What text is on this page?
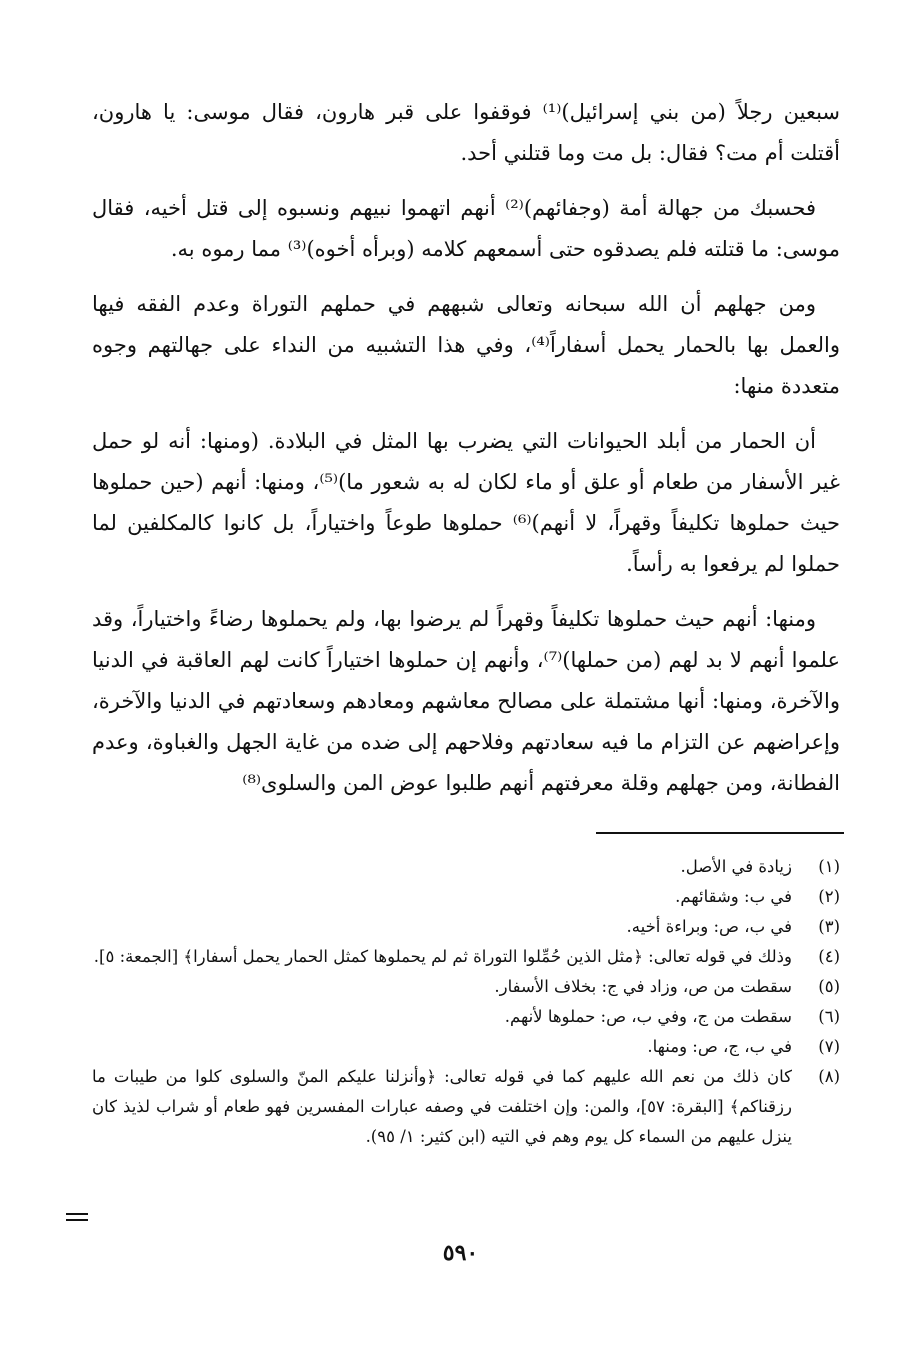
سبعين رجلاً (من بني إسرائيل)⁽¹⁾ فوقفوا على قبر هارون، فقال موسى: يا هارون، أقتلت أم مت؟ فقال: بل مت وما قتلني أحد.

فحسبك من جهالة أمة (وجفائهم)⁽²⁾ أنهم اتهموا نبيهم ونسبوه إلى قتل أخيه، فقال موسى: ما قتلته فلم يصدقوه حتى أسمعهم كلامه (وبرأه أخوه)⁽³⁾ مما رموه به.

ومن جهلهم أن الله سبحانه وتعالى شبههم في حملهم التوراة وعدم الفقه فيها والعمل بها بالحمار يحمل أسفاراً⁽⁴⁾، وفي هذا التشبيه من النداء على جهالتهم وجوه متعددة منها:

أن الحمار من أبلد الحيوانات التي يضرب بها المثل في البلادة. (ومنها: أنه لو حمل غير الأسفار من طعام أو علق أو ماء لكان له به شعور ما)⁽⁵⁾، ومنها: أنهم (حين حملوها حيث حملوها تكليفاً وقهراً، لا أنهم)⁽⁶⁾ حملوها طوعاً واختياراً، بل كانوا كالمكلفين لما حملوا لم يرفعوا به رأساً.

ومنها: أنهم حيث حملوها تكليفاً وقهراً لم يرضوا بها، ولم يحملوها رضاءً واختياراً، وقد علموا أنهم لا بد لهم (من حملها)⁽⁷⁾، وأنهم إن حملوها اختياراً كانت لهم العاقبة في الدنيا والآخرة، ومنها: أنها مشتملة على مصالح معاشهم ومعادهم وسعادتهم في الدنيا والآخرة، وإعراضهم عن التزام ما فيه سعادتهم وفلاحهم إلى ضده من غاية الجهل والغباوة، وعدم الفطانة، ومن جهلهم وقلة معرفتهم أنهم طلبوا عوض المن والسلوى⁽⁸⁾

(١)
زيادة في الأصل.
(٢)
في ب: وشقائهم.
(٣)
في ب، ص: وبراءة أخيه.
(٤)
وذلك في قوله تعالى: ﴿مثل الذين حُمِّلوا التوراة ثم لم يحملوها كمثل الحمار يحمل أسفارا﴾ [الجمعة: ٥].
(٥)
سقطت من ص، وزاد في ج: بخلاف الأسفار.
(٦)
سقطت من ج، وفي ب، ص: حملوها لأنهم.
(٧)
في ب، ج، ص: ومنها.
(٨)
كان ذلك من نعم الله عليهم كما في قوله تعالى: ﴿وأنزلنا عليكم المنّ والسلوى كلوا من طيبات ما رزقناكم﴾ [البقرة: ٥٧]، والمن: وإن اختلفت في وصفه عبارات المفسرين فهو طعام أو شراب لذيذ كان ينزل عليهم من السماء كل يوم وهم في التيه (ابن كثير: ١/ ٩٥).
٥٩٠
